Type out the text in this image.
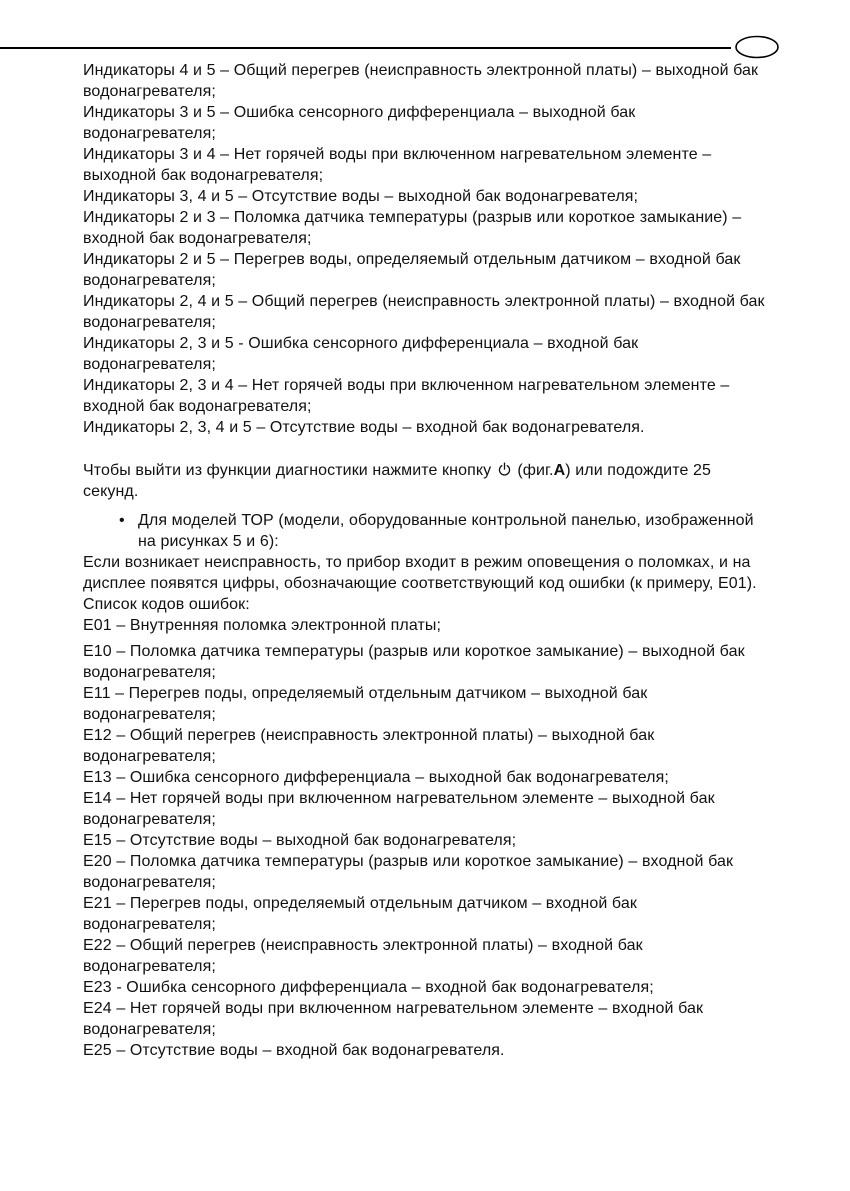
Индикаторы 4 и 5 – Общий перегрев (неисправность электронной платы) – выходной бак водонагревателя;

Индикаторы 3 и 5 – Ошибка сенсорного дифференциала – выходной бак водонагревателя;

Индикаторы 3 и 4 – Нет горячей воды при включенном нагревательном элементе – выходной бак водонагревателя;

Индикаторы 3, 4 и 5 – Отсутствие воды – выходной бак водонагревателя;

Индикаторы 2 и 3 – Поломка датчика температуры (разрыв или короткое замыкание) – входной бак водонагревателя;

Индикаторы 2 и 5 – Перегрев воды, определяемый отдельным датчиком – входной бак водонагревателя;

Индикаторы 2, 4 и 5 – Общий перегрев (неисправность электронной платы) – входной бак водонагревателя;

Индикаторы 2, 3 и 5 - Ошибка сенсорного дифференциала – входной бак водонагревателя;

Индикаторы 2, 3 и 4 – Нет горячей воды при включенном нагревательном элементе – входной бак водонагревателя;

Индикаторы 2, 3, 4 и 5 – Отсутствие воды – входной бак водонагревателя.

Чтобы выйти из функции диагностики нажмите кнопку  (фиг.А) или подождите 25 секунд.

• Для моделей ТОР (модели, оборудованные контрольной панелью, изображенной на рисунках 5 и 6):

Если возникает неисправность, то прибор входит в режим оповещения о поломках, и на дисплее появятся цифры, обозначающие соответствующий код ошибки (к примеру, Е01).

Список кодов ошибок:

Е01 – Внутренняя поломка электронной платы;

Е10 – Поломка датчика температуры (разрыв или короткое замыкание) – выходной бак водонагревателя;

Е11 – Перегрев поды, определяемый отдельным датчиком – выходной бак водонагревателя;

Е12 – Общий перегрев (неисправность электронной платы) – выходной бак водонагревателя;

Е13 – Ошибка сенсорного дифференциала – выходной бак водонагревателя;

Е14 – Нет горячей воды при включенном нагревательном элементе – выходной бак водонагревателя;

Е15 – Отсутствие воды – выходной бак водонагревателя;

Е20 – Поломка датчика температуры (разрыв или короткое замыкание) – входной бак водонагревателя;

Е21 – Перегрев поды, определяемый отдельным датчиком – входной бак водонагревателя;

Е22 – Общий перегрев (неисправность электронной платы) – входной бак водонагревателя;

Е23 - Ошибка сенсорного дифференциала – входной бак водонагревателя;

Е24 – Нет горячей воды при включенном нагревательном элементе – входной бак водонагревателя;

Е25 – Отсутствие воды – входной бак водонагревателя.
